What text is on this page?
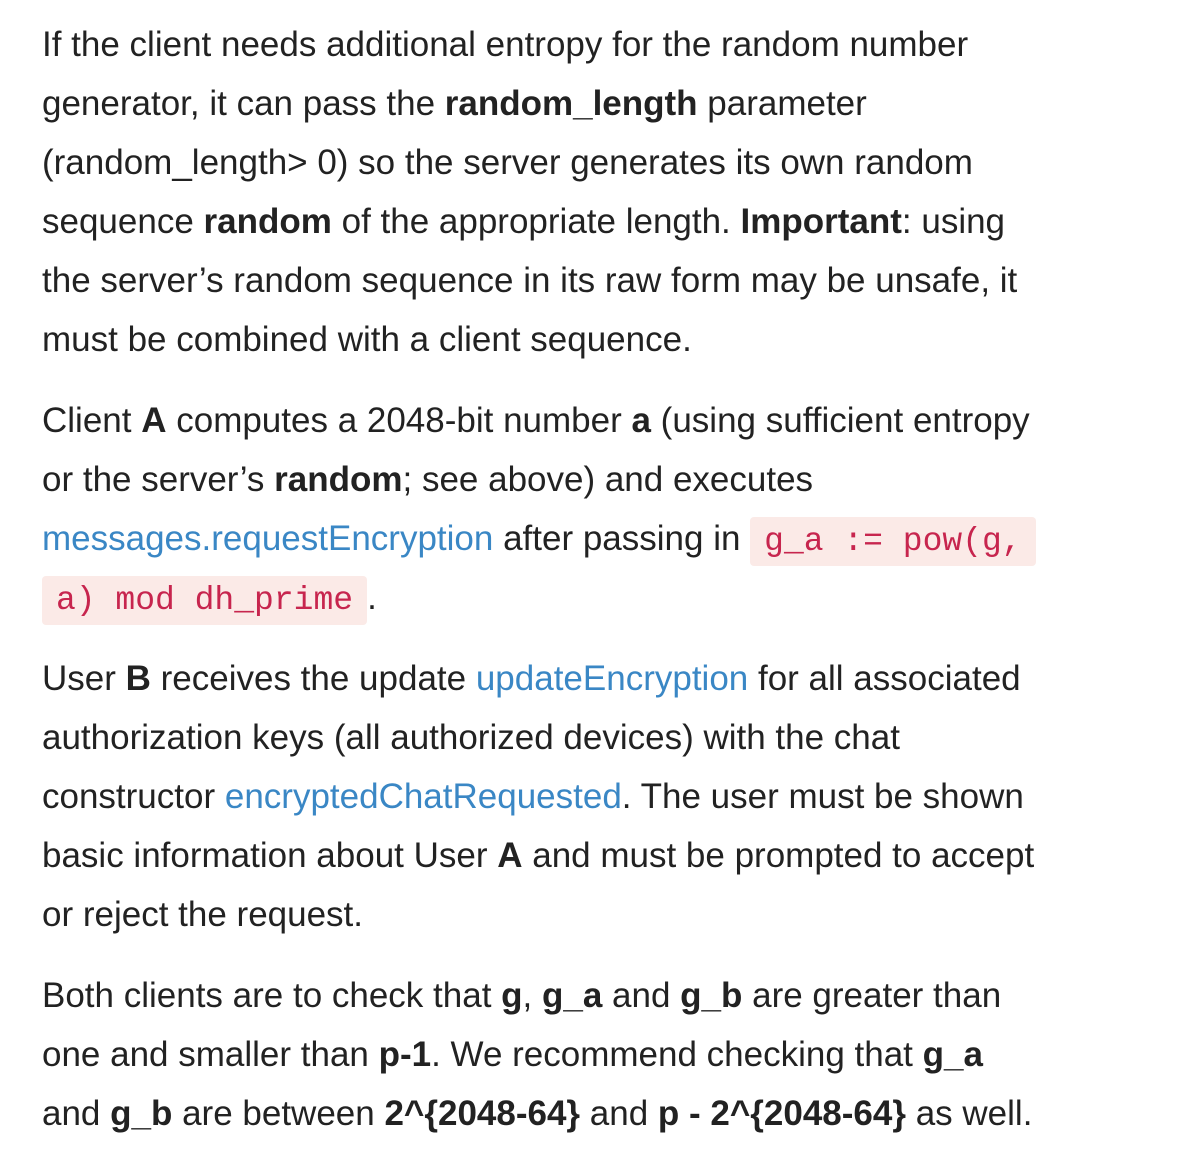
If the client needs additional entropy for the random number
generator, it can pass the random_length parameter
(random_length> 0) so the server generates its own random
sequence random of the appropriate length. Important: using
the server’s random sequence in its raw form may be unsafe, it
must be combined with a client sequence.

Client A computes a 2048-bit number a (using sufficient entropy
or the server’s random; see above) and executes
messages.requestEncryption after passing in g_a := pow(g,
a) mod dh_prime .

User B receives the update updateEncryption for all associated
authorization keys (all authorized devices) with the chat
constructor encryptedChatRequested. The user must be shown
basic information about User A and must be prompted to accept
or reject the request.

Both clients are to check that g, g_a and g_b are greater than
one and smaller than p-1. We recommend checking that g_a
and g_b are between 2^{2048-64} and p - 2^{2048-64} as well.
